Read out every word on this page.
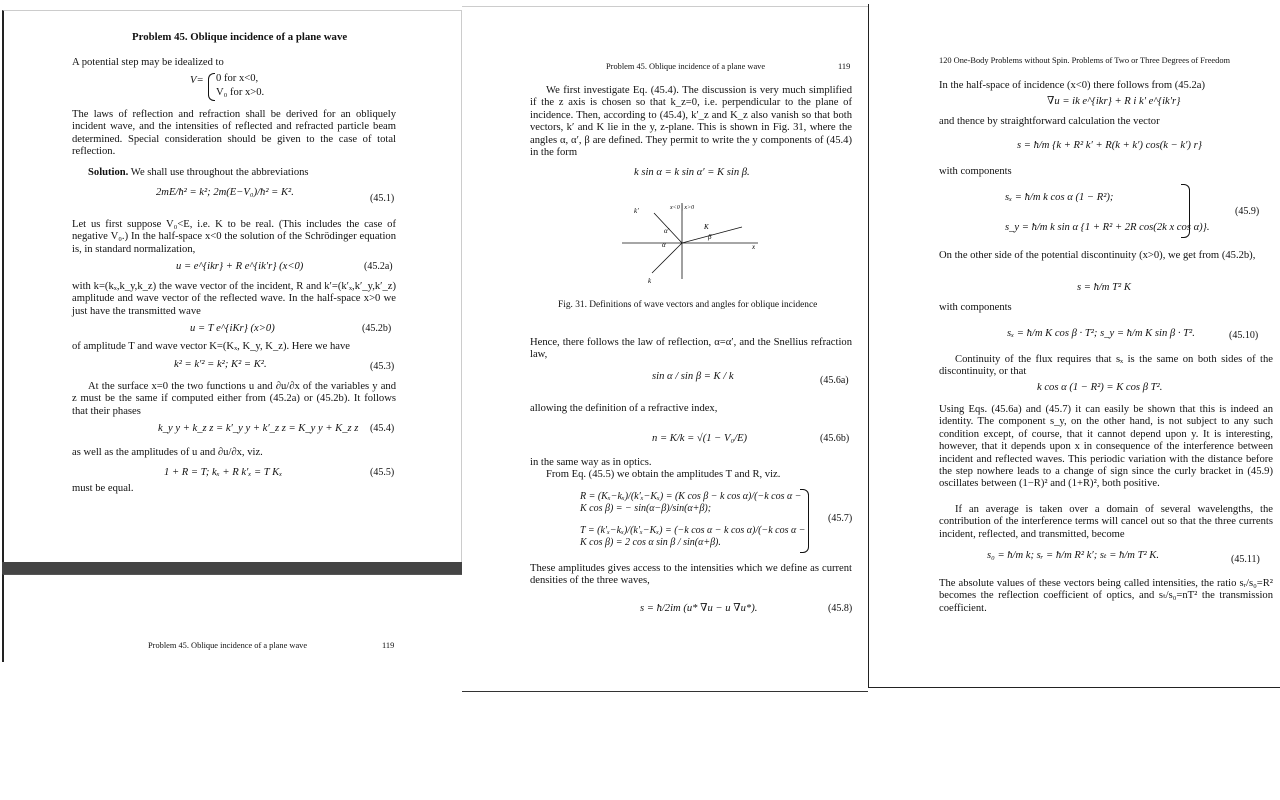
Problem 45. Oblique incidence of a plane wave
A potential step may be idealized to
V= 0 for x<0,
V₀ for x>0.
The laws of reflection and refraction shall be derived for an obliquely incident wave, and the intensities of reflected and refracted particle beam determined. Special consideration should be given to the case of total reflection.
Solution. We shall use throughout the abbreviations
2mE/ħ² = k²; 2m(E−V₀)/ħ² = K².
(45.1)
Let us first suppose V₀<E, i.e. K to be real. (This includes the case of negative V₀.) In the half-space x<0 the solution of the Schrödinger equation is, in standard normalization,
u = e^{ikr} + R e^{ik′r} (x<0)	(45.2a)
with k=(kₓ,k_y,k_z) the wave vector of the incident, R and k′=(k′ₓ,k′_y,k′_z) amplitude and wave vector of the reflected wave. In the half-space x>0 we just have the transmitted wave
u = T e^{iKr} (x>0)	(45.2b)
of amplitude T and wave vector K=(Kₓ, K_y, K_z). Here we have
k² = k′² = k²; K² = K².	(45.3)
At the surface x=0 the two functions u and ∂u/∂x of the variables y and z must be the same if computed either from (45.2a) or (45.2b). It follows that their phases
k_y y + k_z z = k′_y y + k′_z z = K_y y + K_z z (45.4)
as well as the amplitudes of u and ∂u/∂x, viz.
1 + R = T; kₓ + R k′ₓ = T Kₓ	(45.5)
must be equal.
Problem 45. Oblique incidence of a plane wave	119
Problem 45. Oblique incidence of a plane wave	119
We first investigate Eq. (45.4). The discussion is very much simplified if the z axis is chosen so that k_z=0, i.e. perpendicular to the plane of incidence. Then, according to (45.4), k′_z and K_z also vanish so that both vectors, k′ and K lie in the y, z-plane. This is shown in Fig. 31, where the angles α, α′, β are defined. They permit to write the y components of (45.4) in the form
k sin α = k sin α′ = K sin β.
k′
α′
α
K
β
k
x
x<0 | x>0
Fig. 31. Definitions of wave vectors and angles for oblique incidence
Hence, there follows the law of reflection, α=α′, and the Snellius refraction law,
sin α / sin β = K / k	(45.6a)
allowing the definition of a refractive index,
n = K/k = √(1 − V₀/E)	(45.6b)
in the same way as in optics.
From Eq. (45.5) we obtain the amplitudes T and R, viz.
R = (Kₓ−kₓ)/(k′ₓ−Kₓ) = (K cos β − k cos α)/(−k cos α − K cos β) = − sin(α−β)/sin(α+β);
T = (k′ₓ−kₓ)/(k′ₓ−Kₓ) = (−k cos α − k cos α)/(−k cos α − K cos β) = 2 cos α sin β / sin(α+β).
(45.7)
These amplitudes gives access to the intensities which we define as current densities of the three waves,
s = ħ/2im (u* ∇u − u ∇u*).	(45.8)
120 One-Body Problems without Spin. Problems of Two or Three Degrees of Freedom
In the half-space of incidence (x<0) there follows from (45.2a)
∇u = ik e^{ikr} + R i k′ e^{ik′r}
and thence by straightforward calculation the vector
s = ħ/m {k + R² k′ + R(k + k′) cos(k − k′) r}
with components
sₓ = ħ/m k cos α (1 − R²);
s_y = ħ/m k sin α {1 + R² + 2R cos(2k x cos α)}.
(45.9)
On the other side of the potential discontinuity (x>0), we get from (45.2b),
s = ħ/m T² K
with components
sₓ = ħ/m K cos β · T²; s_y = ħ/m K sin β · T².	(45.10)
Continuity of the flux requires that sₓ is the same on both sides of the discontinuity, or that
k cos α (1 − R²) = K cos β T².
Using Eqs. (45.6a) and (45.7) it can easily be shown that this is indeed an identity. The component s_y, on the other hand, is not subject to any such condition except, of course, that it cannot depend upon y. It is interesting, however, that it depends upon x in consequence of the interference between incident and reflected waves. This periodic variation with the distance before the step nowhere leads to a change of sign since the curly bracket in (45.9) oscillates between (1−R)² and (1+R)², both positive.
If an average is taken over a domain of several wavelengths, the contribution of the interference terms will cancel out so that the three currents incident, reflected, and transmitted, become
s₀ = ħ/m k; sᵣ = ħ/m R² k′; sₜ = ħ/m T² K.	(45.11)
The absolute values of these vectors being called intensities, the ratio sᵣ/s₀=R² becomes the reflection coefficient of optics, and sₜ/s₀=nT² the transmission coefficient.
